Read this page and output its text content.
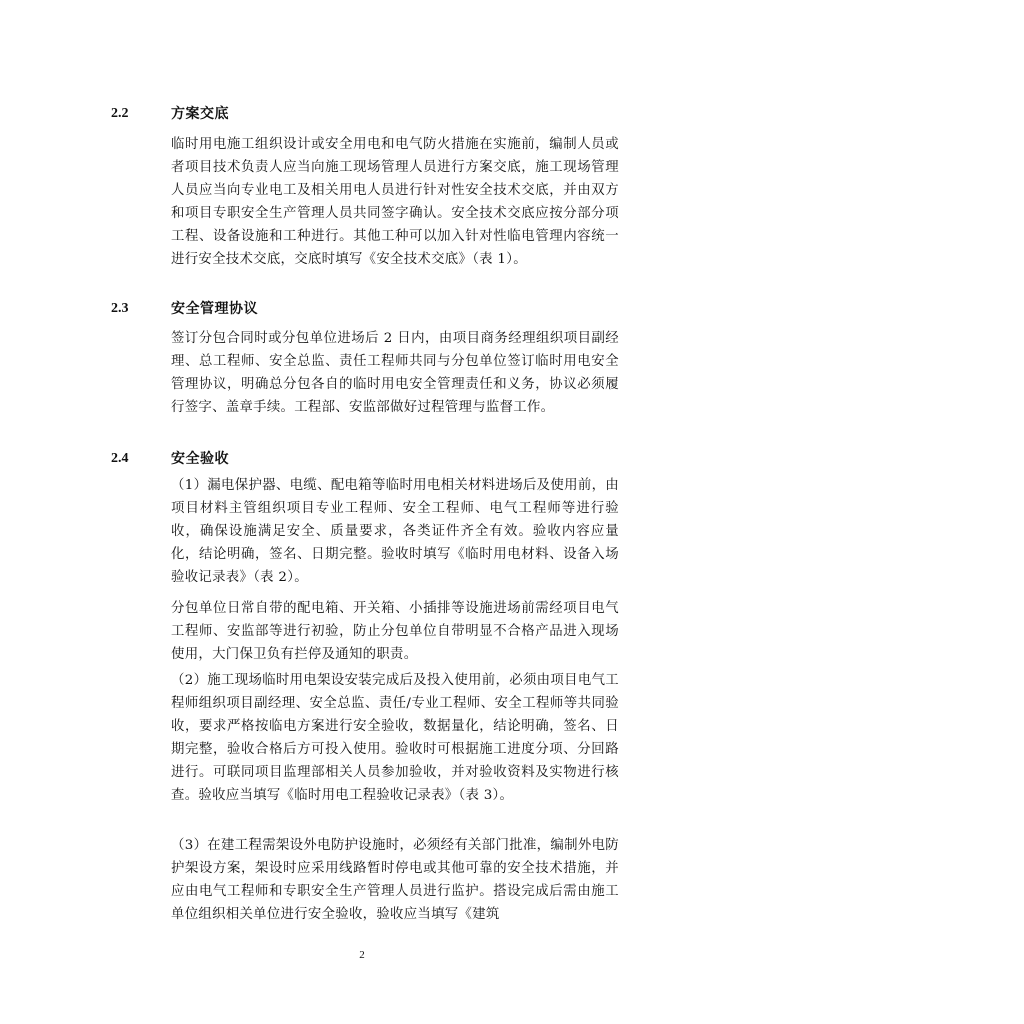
2.2	方案交底
临时用电施工组织设计或安全用电和电气防火措施在实施前，编制人员或者项目技术负责人应当向施工现场管理人员进行方案交底，施工现场管理人员应当向专业电工及相关用电人员进行针对性安全技术交底，并由双方和项目专职安全生产管理人员共同签字确认。安全技术交底应按分部分项工程、设备设施和工种进行。其他工种可以加入针对性临电管理内容统一进行安全技术交底，交底时填写《安全技术交底》（表 1）。
2.3	安全管理协议
签订分包合同时或分包单位进场后 2 日内，由项目商务经理组织项目副经理、总工程师、安全总监、责任工程师共同与分包单位签订临时用电安全管理协议，明确总分包各自的临时用电安全管理责任和义务，协议必须履行签字、盖章手续。工程部、安监部做好过程管理与监督工作。
2.4	安全验收
（1）漏电保护器、电缆、配电箱等临时用电相关材料进场后及使用前，由项目材料主管组织项目专业工程师、安全工程师、电气工程师等进行验收，确保设施满足安全、质量要求，各类证件齐全有效。验收内容应量化，结论明确，签名、日期完整。验收时填写《临时用电材料、设备入场验收记录表》（表 2）。
分包单位日常自带的配电箱、开关箱、小插排等设施进场前需经项目电气工程师、安监部等进行初验，防止分包单位自带明显不合格产品进入现场使用，大门保卫负有拦停及通知的职责。
（2）施工现场临时用电架设安装完成后及投入使用前，必须由项目电气工程师组织项目副经理、安全总监、责任/专业工程师、安全工程师等共同验收，要求严格按临电方案进行安全验收，数据量化，结论明确，签名、日期完整，验收合格后方可投入使用。验收时可根据施工进度分项、分回路进行。可联同项目监理部相关人员参加验收，并对验收资料及实物进行核查。验收应当填写《临时用电工程验收记录表》（表 3）。
（3）在建工程需架设外电防护设施时，必须经有关部门批准，编制外电防护架设方案，架设时应采用线路暂时停电或其他可靠的安全技术措施，并应由电气工程师和专职安全生产管理人员进行监护。搭设完成后需由施工单位组织相关单位进行安全验收，验收应当填写《建筑
2
